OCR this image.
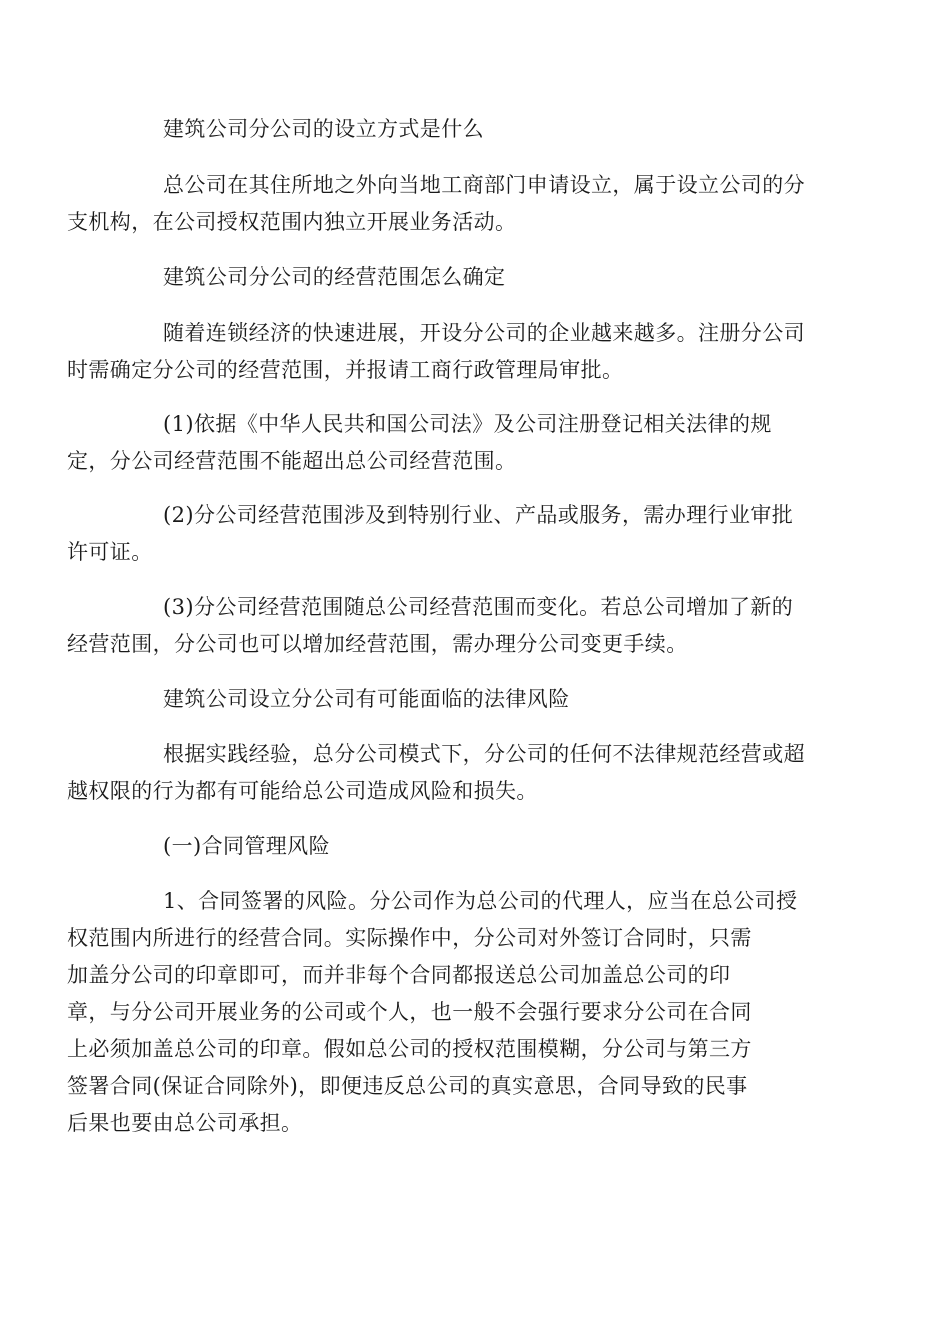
建筑公司分公司的设立方式是什么

总公司在其住所地之外向当地工商部门申请设立，属于设立公司的分
支机构，在公司授权范围内独立开展业务活动。

建筑公司分公司的经营范围怎么确定

随着连锁经济的快速进展，开设分公司的企业越来越多。注册分公司
时需确定分公司的经营范围，并报请工商行政管理局审批。

(1)依据《中华人民共和国公司法》及公司注册登记相关法律的规
定，分公司经营范围不能超出总公司经营范围。

(2)分公司经营范围涉及到特别行业、产品或服务，需办理行业审批
许可证。

(3)分公司经营范围随总公司经营范围而变化。若总公司增加了新的
经营范围，分公司也可以增加经营范围，需办理分公司变更手续。

建筑公司设立分公司有可能面临的法律风险

根据实践经验，总分公司模式下，分公司的任何不法律规范经营或超
越权限的行为都有可能给总公司造成风险和损失。

(一)合同管理风险

1、合同签署的风险。分公司作为总公司的代理人，应当在总公司授
权范围内所进行的经营合同。实际操作中，分公司对外签订合同时，只需
加盖分公司的印章即可，而并非每个合同都报送总公司加盖总公司的印
章，与分公司开展业务的公司或个人，也一般不会强行要求分公司在合同
上必须加盖总公司的印章。假如总公司的授权范围模糊，分公司与第三方
签署合同(保证合同除外)，即便违反总公司的真实意思，合同导致的民事
后果也要由总公司承担。
